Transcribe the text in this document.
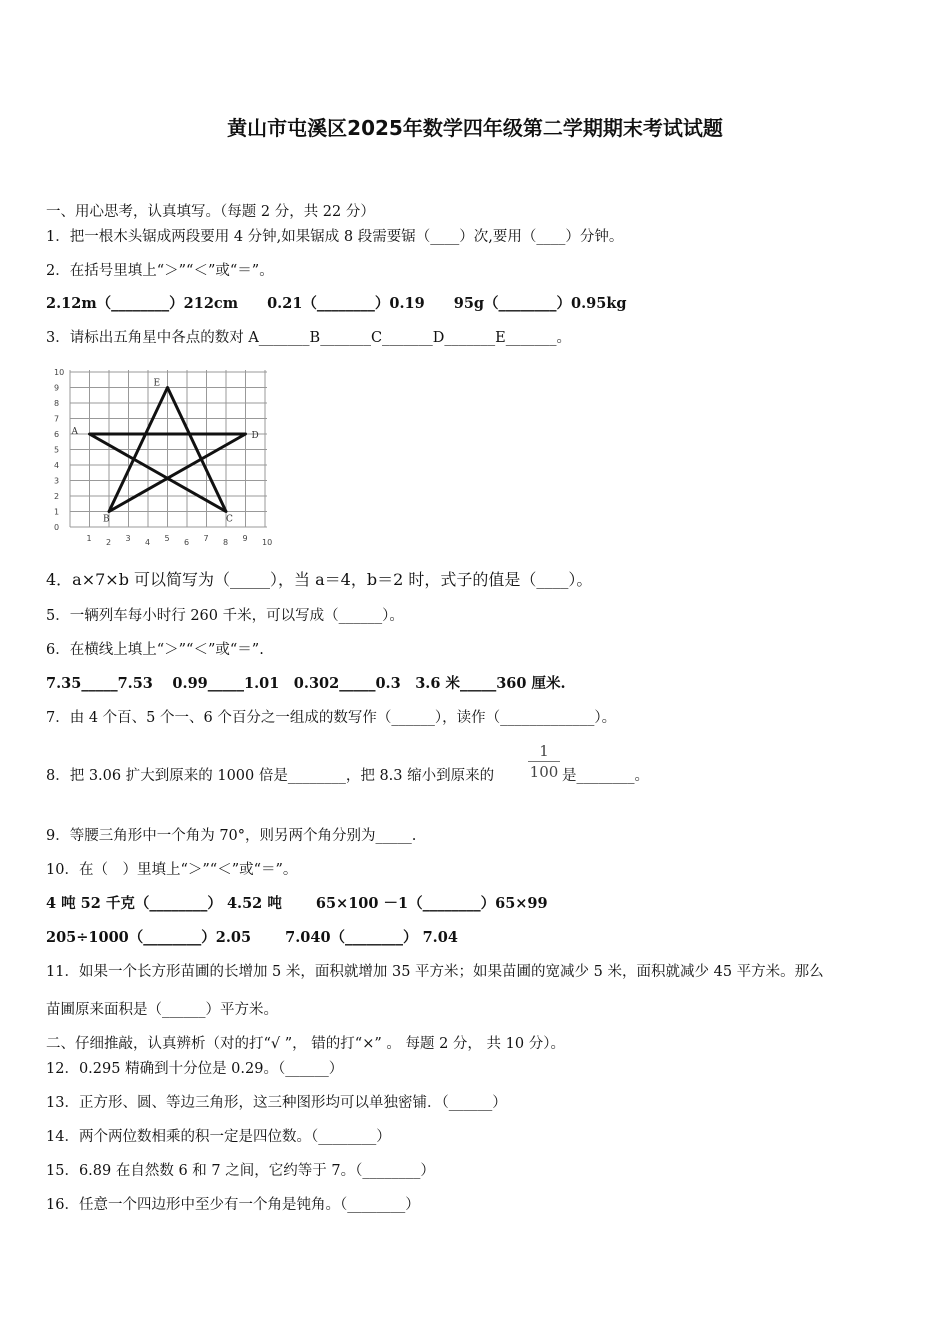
黄山市屯溪区2025年数学四年级第二学期期末考试试题
一、用心思考，认真填写。（每题 2 分，共 22 分）
1．把一根木头锯成两段要用 4 分钟,如果锯成 8 段需要锯（____）次,要用（____）分钟。
2．在括号里填上“＞”“＜”或“＝”。
2.12m（________）212cm　　0.21（________）0.19　　95g（________）0.95kg
3．请标出五角星中各点的数对 A_______B_______C_______D_______E_______。
0
1
2
3
4
5
6
7
8
9
10
1 2 3 4 5 6 7 8 9 10
A
B	C
D
E
4．a×7×b 可以简写为（_____），当 a＝4，b＝2 时，式子的值是（____）。
5．一辆列车每小时行 260 千米，可以写成（______）。
6．在横线上填上“＞”“＜”或“＝”.
7.35_____7.53　 0.99_____1.01　0.302_____0.3　3.6 米_____360 厘米.
7．由 4 个百、5 个一、6 个百分之一组成的数写作（______），读作（_____________）。
8．把 3.06 扩大到原来的 1000 倍是________，把 8.3 缩小到原来的
1
100 是________。
9．等腰三角形中一个角为 70°，则另两个角分别为_____.
10．在（　）里填上“＞”“＜”或“＝”。
4 吨 52 千克（________） 4.52 吨　　 65×100 －1（________）65×99
205÷1000（________）2.05　　 7.040（________） 7.04
11．如果一个长方形苗圃的长增加 5 米，面积就增加 35 平方米；如果苗圃的宽减少 5 米，面积就减少 45 平方米。那么
苗圃原来面积是（______）平方米。
二、仔细推敲，认真辨析（对的打“√ ”， 错的打“×” 。 每题 2 分， 共 10 分）。
12．0.295 精确到十分位是 0.29。（______）
13．正方形、圆、等边三角形，这三种图形均可以单独密铺．（______）
14．两个两位数相乘的积一定是四位数。（________）
15．6.89 在自然数 6 和 7 之间，它约等于 7。（________）
16．任意一个四边形中至少有一个角是钝角。（________）
